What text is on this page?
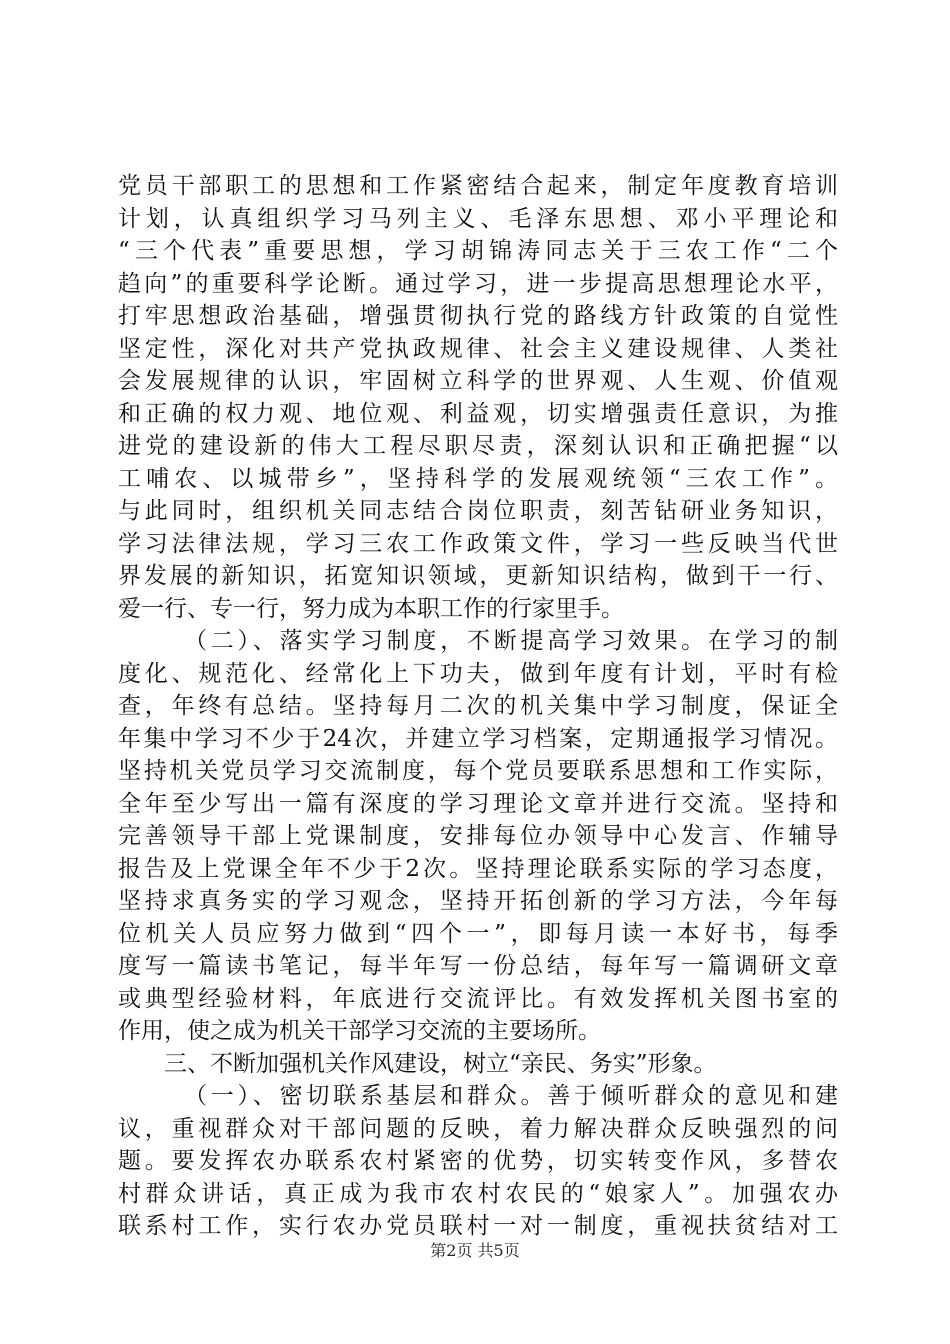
党员干部职工的思想和工作紧密结合起来，制定年度教育培训
计划，认真组织学习马列主义、毛泽东思想、邓小平理论和
“三个代表”重要思想，学习胡锦涛同志关于三农工作“二个
趋向”的重要科学论断。通过学习，进一步提高思想理论水平，
打牢思想政治基础，增强贯彻执行党的路线方针政策的自觉性
坚定性，深化对共产党执政规律、社会主义建设规律、人类社
会发展规律的认识，牢固树立科学的世界观、人生观、价值观
和正确的权力观、地位观、利益观，切实增强责任意识，为推
进党的建设新的伟大工程尽职尽责，深刻认识和正确把握“以
工哺农、以城带乡”，坚持科学的发展观统领“三农工作”。
与此同时，组织机关同志结合岗位职责，刻苦钻研业务知识，
学习法律法规，学习三农工作政策文件，学习一些反映当代世
界发展的新知识，拓宽知识领域，更新知识结构，做到干一行、
爱一行、专一行，努力成为本职工作的行家里手。
（二）、落实学习制度，不断提高学习效果。在学习的制
度化、规范化、经常化上下功夫，做到年度有计划，平时有检
查，年终有总结。坚持每月二次的机关集中学习制度，保证全
年集中学习不少于24次，并建立学习档案，定期通报学习情况。
坚持机关党员学习交流制度，每个党员要联系思想和工作实际，
全年至少写出一篇有深度的学习理论文章并进行交流。坚持和
完善领导干部上党课制度，安排每位办领导中心发言、作辅导
报告及上党课全年不少于2次。坚持理论联系实际的学习态度，
坚持求真务实的学习观念，坚持开拓创新的学习方法，今年每
位机关人员应努力做到“四个一”，即每月读一本好书，每季
度写一篇读书笔记，每半年写一份总结，每年写一篇调研文章
或典型经验材料，年底进行交流评比。有效发挥机关图书室的
作用，使之成为机关干部学习交流的主要场所。
三、不断加强机关作风建设，树立“亲民、务实”形象。
（一）、密切联系基层和群众。善于倾听群众的意见和建
议，重视群众对干部问题的反映，着力解决群众反映强烈的问
题。要发挥农办联系农村紧密的优势，切实转变作风，多替农
村群众讲话，真正成为我市农村农民的“娘家人”。加强农办
联系村工作，实行农办党员联村一对一制度，重视扶贫结对工
第2页 共5页
